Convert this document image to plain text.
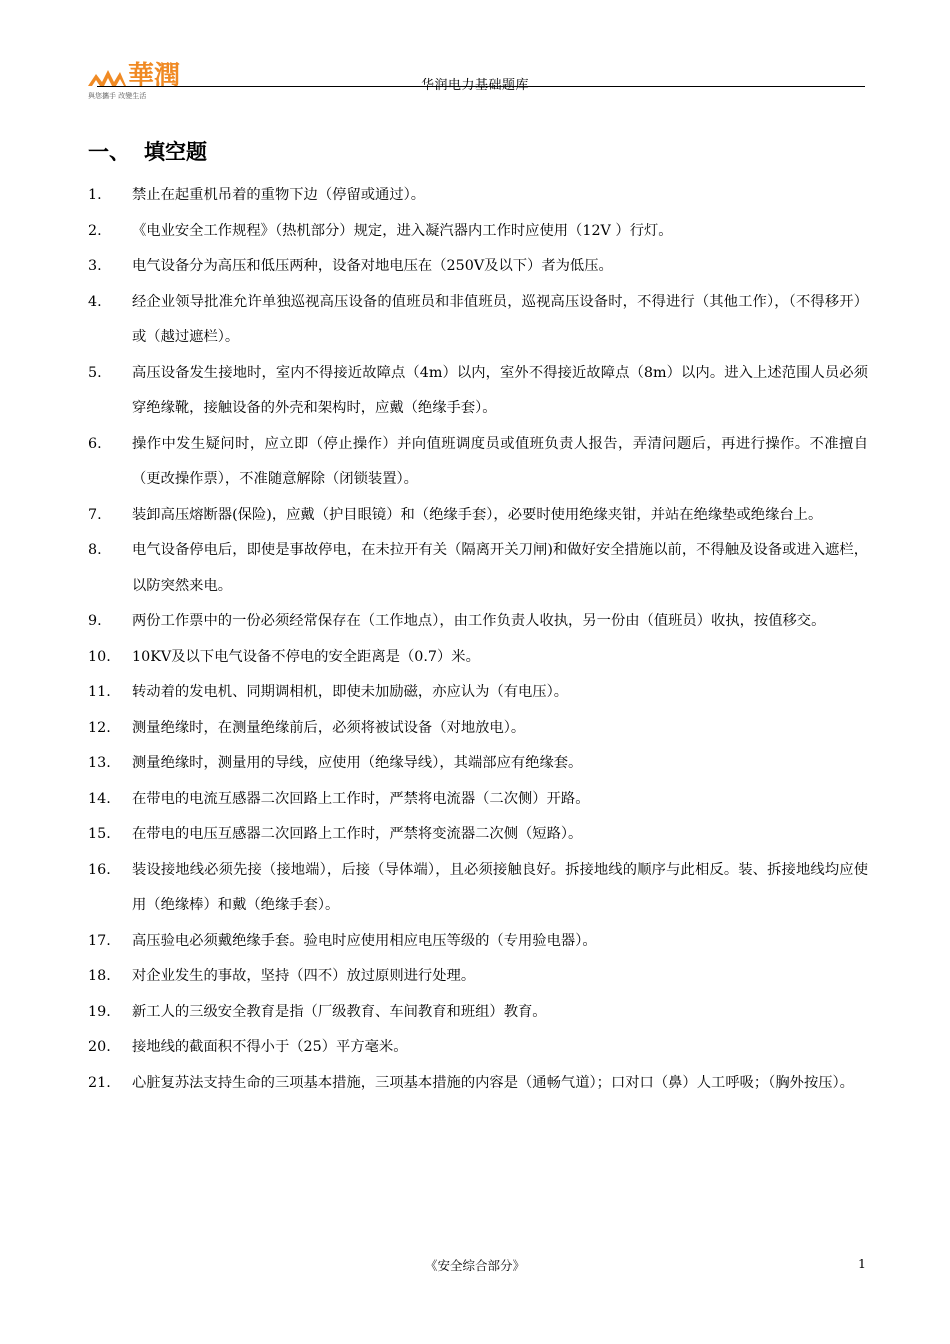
華潤
與您攜手 改變生活
华润电力基础题库
一、 填空题
1.	禁止在起重机吊着的重物下边（停留或通过）。
2.	《电业安全工作规程》（热机部分）规定，进入凝汽器内工作时应使用（12V ）行灯。
3.	电气设备分为高压和低压两种，设备对地电压在（250V及以下）者为低压。
4.	经企业领导批准允许单独巡视高压设备的值班员和非值班员，巡视高压设备时，不得进行（其他工作），（不得移开）或（越过遮栏）。
5.	高压设备发生接地时，室内不得接近故障点（4m）以内，室外不得接近故障点（8m）以内。进入上述范围人员必须穿绝缘靴，接触设备的外壳和架构时，应戴（绝缘手套）。
6.	操作中发生疑问时，应立即（停止操作）并向值班调度员或值班负责人报告，弄清问题后，再进行操作。不准擅自（更改操作票），不准随意解除（闭锁装置）。
7.	装卸高压熔断器(保险)，应戴（护目眼镜）和（绝缘手套），必要时使用绝缘夹钳，并站在绝缘垫或绝缘台上。
8.	电气设备停电后，即使是事故停电，在未拉开有关（隔离开关刀闸)和做好安全措施以前，不得触及设备或进入遮栏，以防突然来电。
9.	两份工作票中的一份必须经常保存在（工作地点），由工作负责人收执，另一份由（值班员）收执，按值移交。
10.	10KV及以下电气设备不停电的安全距离是（0.7）米。
11.	转动着的发电机、同期调相机，即使未加励磁，亦应认为（有电压）。
12.	测量绝缘时，在测量绝缘前后，必须将被试设备（对地放电）。
13.	测量绝缘时，测量用的导线，应使用（绝缘导线），其端部应有绝缘套。
14.	在带电的电流互感器二次回路上工作时，严禁将电流器（二次侧）开路。
15.	在带电的电压互感器二次回路上工作时，严禁将变流器二次侧（短路）。
16.	装设接地线必须先接（接地端），后接（导体端），且必须接触良好。拆接地线的顺序与此相反。装、拆接地线均应使用（绝缘棒）和戴（绝缘手套）。
17.	高压验电必须戴绝缘手套。验电时应使用相应电压等级的（专用验电器）。
18.	对企业发生的事故，坚持（四不）放过原则进行处理。
19.	新工人的三级安全教育是指（厂级教育、车间教育和班组）教育。
20.	接地线的截面积不得小于（25）平方毫米。
21.	心脏复苏法支持生命的三项基本措施，三项基本措施的内容是（通畅气道）；口对口（鼻）人工呼吸；（胸外按压）。
《安全综合部分》	1
